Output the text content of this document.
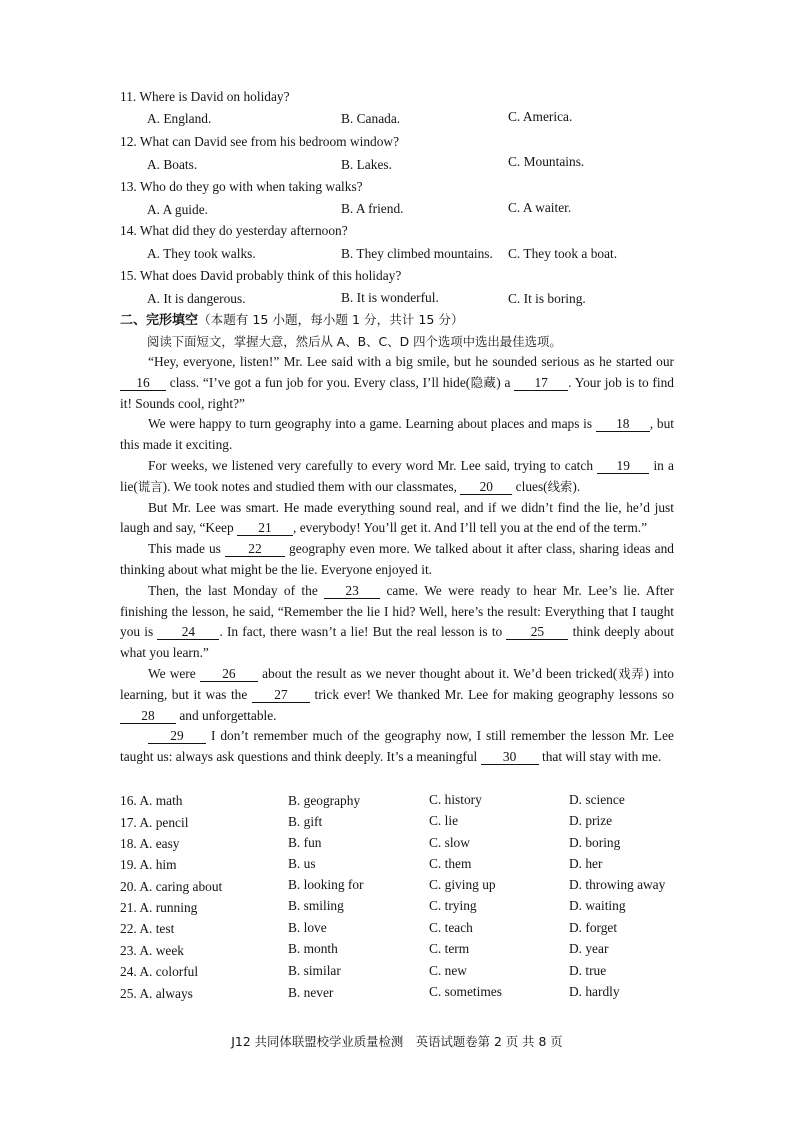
11. Where is David on holiday?
A. England.	B. Canada.	C. America.
12. What can David see from his bedroom window?
A. Boats.	B. Lakes.	C. Mountains.
13. Who do they go with when taking walks?
A. A guide.	B. A friend.	C. A waiter.
14. What did they do yesterday afternoon?
A. They took walks.	B. They climbed mountains. C. They took a boat.
15. What does David probably think of this holiday?
A. It is dangerous.	B. It is wonderful.	C. It is boring.
二、完形填空（本题有 15 小题，每小题 1 分，共计 15 分）
阅读下面短文，掌握大意，然后从 A、B、C、D 四个选项中选出最佳选项。

“Hey, everyone, listen!” Mr. Lee said with a big smile, but he sounded serious as he started our 16 class. “I’ve got a fun job for you. Every class, I’ll hide(隐藏) a 17 . Your job is to find it! Sounds cool, right?”

We were happy to turn geography into a game. Learning about places and maps is 18 , but this made it exciting.

For weeks, we listened very carefully to every word Mr. Lee said, trying to catch 19 in a lie(谎言). We took notes and studied them with our classmates, 20 clues(线索).

But Mr. Lee was smart. He made everything sound real, and if we didn’t find the lie, he’d just laugh and say, “Keep 21 , everybody! You’ll get it. And I’ll tell you at the end of the term.”

This made us 22 geography even more. We talked about it after class, sharing ideas and thinking about what might be the lie. Everyone enjoyed it.

Then, the last Monday of the 23 came. We were ready to hear Mr. Lee’s lie. After finishing the lesson, he said, “Remember the lie I hid? Well, here’s the result: Everything that I taught you is 24 . In fact, there wasn’t a lie! But the real lesson is to 25 think deeply about what you learn.”

We were 26 about the result as we never thought about it. We’d been tricked(戏弄) into learning, but it was the 27 trick ever! We thanked Mr. Lee for making geography lessons so 28 and unforgettable.

29 I don’t remember much of the geography now, I still remember the lesson Mr. Lee taught us: always ask questions and think deeply. It’s a meaningful 30 that will stay with me.

16. A. math	B. geography	C. history	D. science
17. A. pencil	B. gift	C. lie	D. prize
18. A. easy	B. fun	C. slow	D. boring
19. A. him	B. us	C. them	D. her
20. A. caring about	B. looking for	C. giving up	D. throwing away
21. A. running	B. smiling	C. trying	D. waiting
22. A. test	B. love	C. teach	D. forget
23. A. week	B. month	C. term	D. year
24. A. colorful	B. similar	C. new	D. true
25. A. always	B. never	C. sometimes	D. hardly
J12 共同体联盟校学业质量检测　英语试题卷第 2 页 共 8 页
